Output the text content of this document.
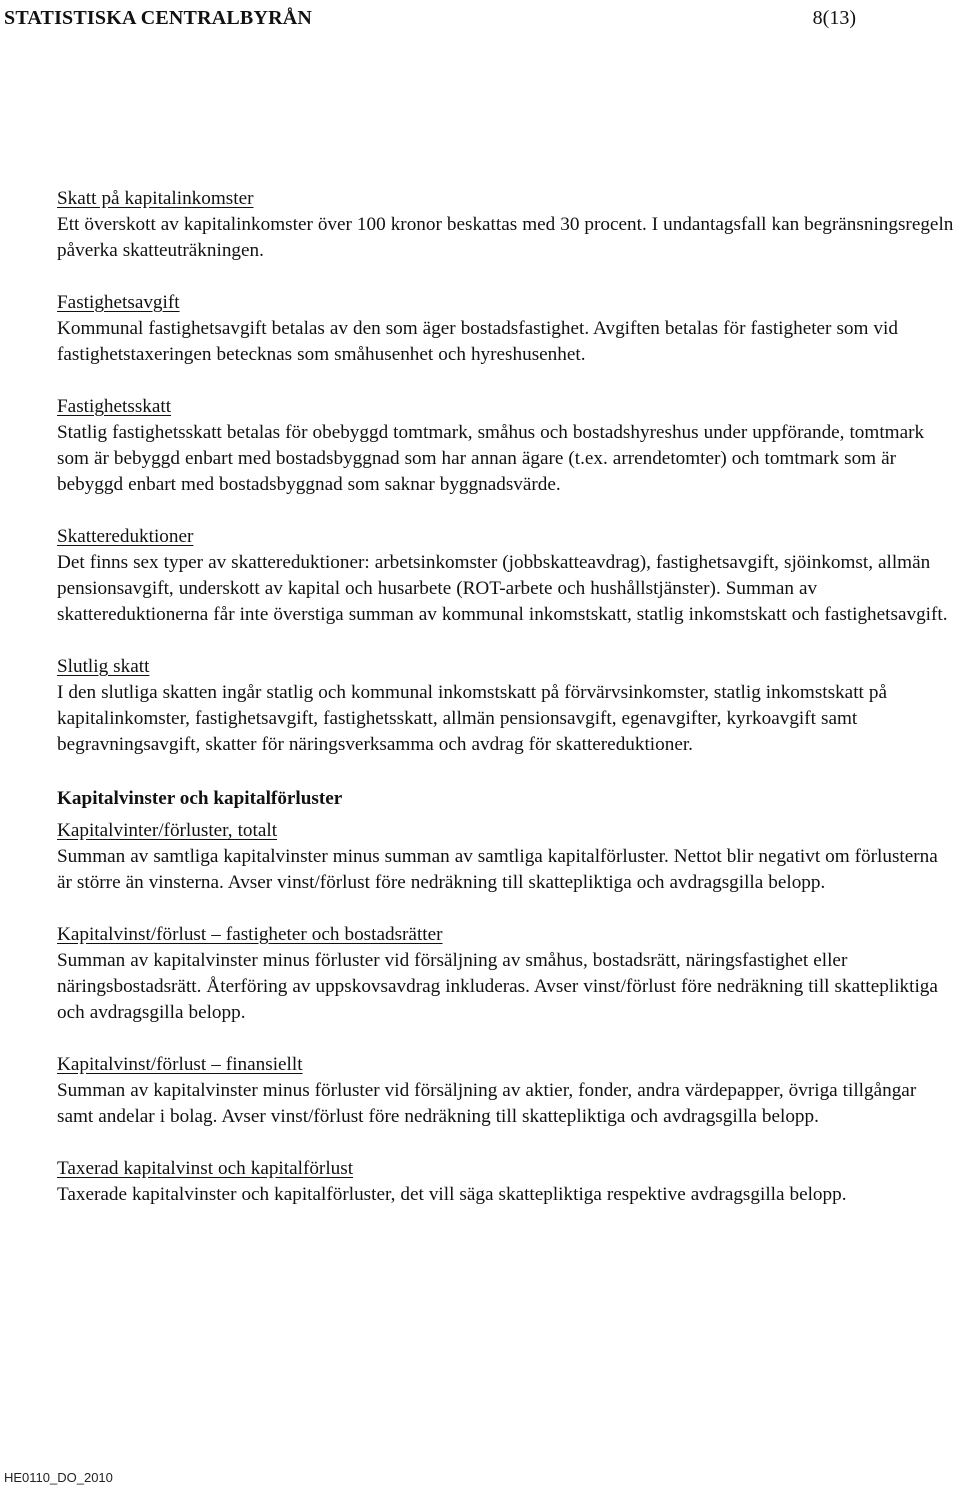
STATISTISKA CENTRALBYRÅN	8(13)
Skatt på kapitalinkomster
Ett överskott av kapitalinkomster över 100 kronor beskattas med 30 procent. I undantagsfall kan begränsningsregeln påverka skatteuträkningen.
Fastighetsavgift
Kommunal fastighetsavgift betalas av den som äger bostadsfastighet. Avgiften betalas för fastigheter som vid fastighetstaxeringen betecknas som småhusenhet och hyreshusenhet.
Fastighetsskatt
Statlig fastighetsskatt betalas för obebyggd tomtmark, småhus och bostadshyreshus under uppförande, tomtmark som är bebyggd enbart med bostadsbyggnad som har annan ägare (t.ex. arrendetomter) och tomtmark som är bebyggd enbart med bostadsbyggnad som saknar byggnadsvärde.
Skattereduktioner
Det finns sex typer av skattereduktioner: arbetsinkomster (jobbskatteavdrag), fastighetsavgift, sjöinkomst, allmän pensionsavgift, underskott av kapital och husarbete (ROT-arbete och hushållstjänster). Summan av skattereduktionerna får inte överstiga summan av kommunal inkomstskatt, statlig inkomstskatt och fastighetsavgift.
Slutlig skatt
I den slutliga skatten ingår statlig och kommunal inkomstskatt på förvärvsinkomster, statlig inkomstskatt på kapitalinkomster, fastighetsavgift, fastighetsskatt, allmän pensionsavgift, egenavgifter, kyrkoavgift samt begravningsavgift, skatter för näringsverksamma och avdrag för skattereduktioner.
Kapitalvinster och kapitalförluster
Kapitalvinter/förluster, totalt
Summan av samtliga kapitalvinster minus summan av samtliga kapitalförluster. Nettot blir negativt om förlusterna är större än vinsterna. Avser vinst/förlust före nedräkning till skattepliktiga och avdragsgilla belopp.
Kapitalvinst/förlust – fastigheter och bostadsrätter
Summan av kapitalvinster minus förluster vid försäljning av småhus, bostadsrätt, näringsfastighet eller näringsbostadsrätt. Återföring av uppskovsavdrag inkluderas. Avser vinst/förlust före nedräkning till skattepliktiga och avdragsgilla belopp.
Kapitalvinst/förlust – finansiellt
Summan av kapitalvinster minus förluster vid försäljning av aktier, fonder, andra värdepapper, övriga tillgångar samt andelar i bolag. Avser vinst/förlust före nedräkning till skattepliktiga och avdragsgilla belopp.
Taxerad kapitalvinst och kapitalförlust
Taxerade kapitalvinster och kapitalförluster, det vill säga skattepliktiga respektive avdragsgilla belopp.
HE0110_DO_2010
